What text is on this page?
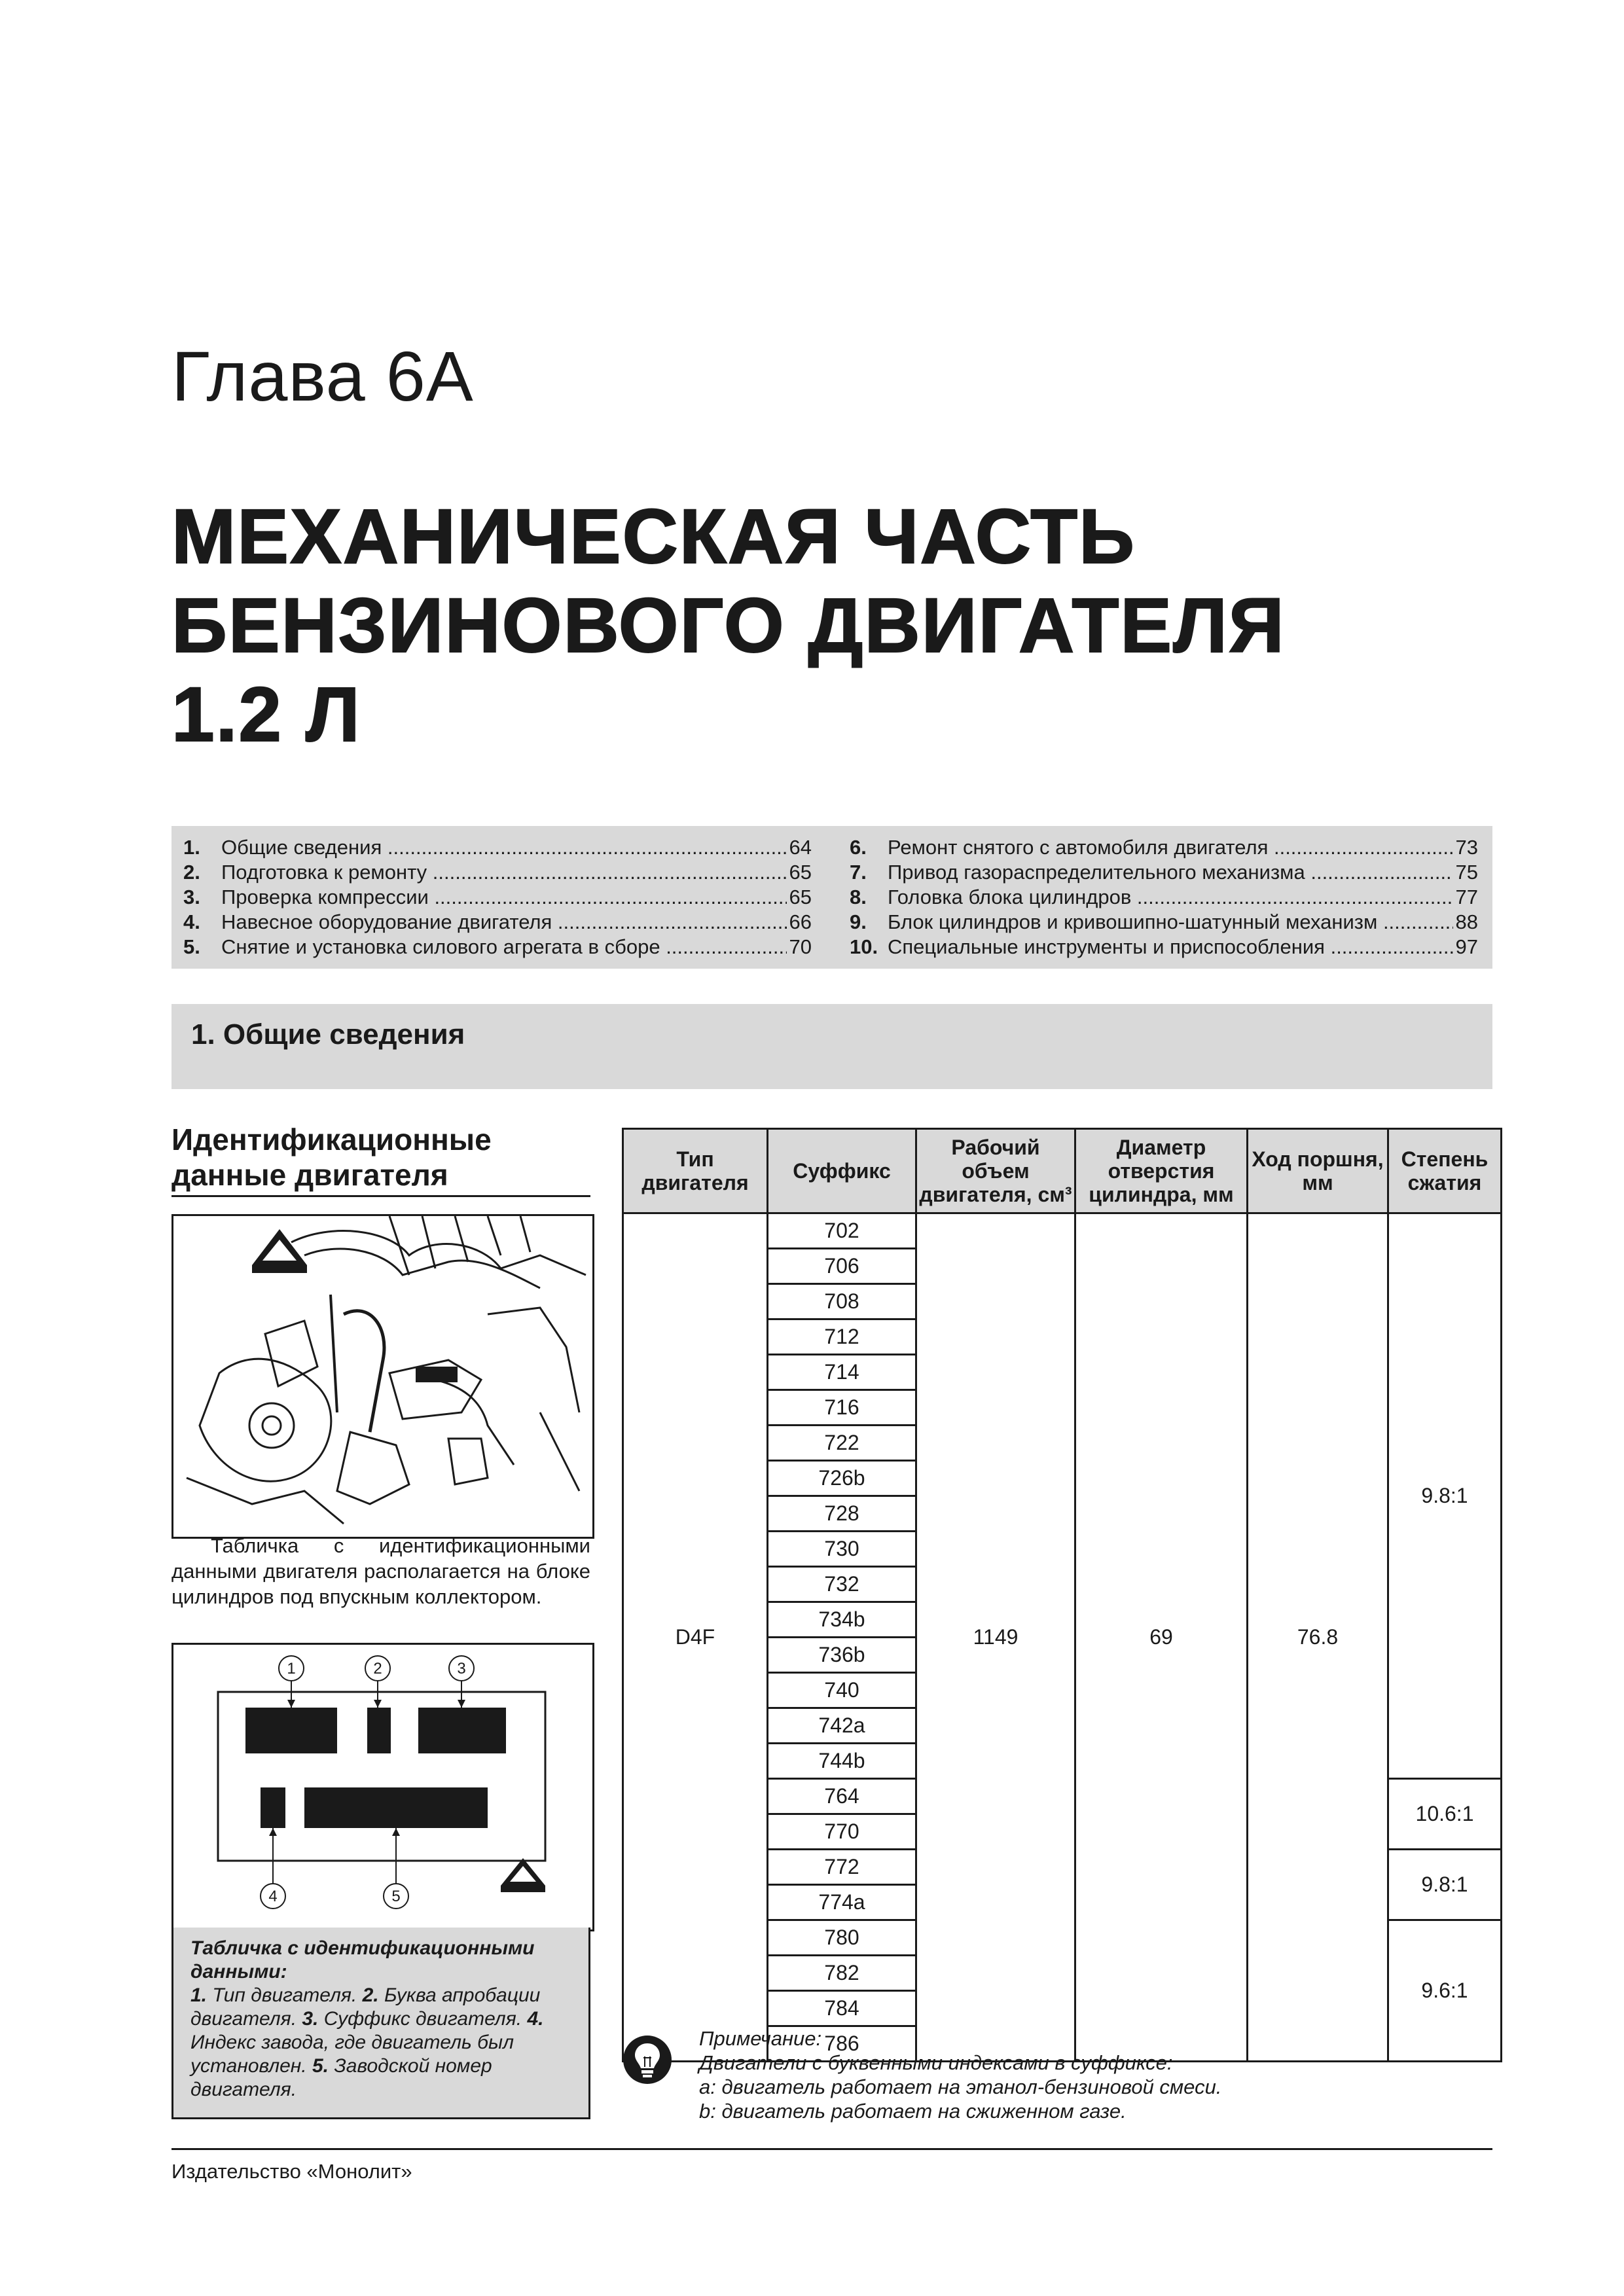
Глава 6А
МЕХАНИЧЕСКАЯ ЧАСТЬ
БЕНЗИНОВОГО ДВИГАТЕЛЯ
1.2 Л
1.	Общие сведения .....	64
2.	Подготовка к ремонту .....	65
3.	Проверка компрессии .....	65
4.	Навесное оборудование двигателя .....	66
5.	Снятие и установка силового агрегата в сборе .....	70
6.	Ремонт снятого с автомобиля двигателя .....	73
7.	Привод газораспределительного механизма .....	75
8.	Головка блока цилиндров .....	77
9.	Блок цилиндров и кривошипно-шатунный механизм .....	88
10. Специальные инструменты и приспособления .....	97
1. Общие сведения
Идентификационные
данные двигателя
Табличка с идентификационными данными двигателя располагается на блоке цилиндров под впускным коллектором.
1	2	3
4	5
Табличка с идентификационными данными:
1. Тип двигателя. 2. Буква апробации двигателя. 3. Суффикс двигателя. 4. Индекс завода, где двигатель был установлен. 5. Заводской номер двигателя.
Тип двигателя	Суффикс	Рабочий объем двигателя, см³	Диаметр отверстия цилиндра, мм	Ход поршня, мм	Степень сжатия
D4F	702	1149	69	76.8	9.8:1
	706				
	708				
	712				
	714				
	716				
	722				
	726b				
	728				
	730				
	732				
	734b				
	736b				
	740				
	742a				
	744b				
	764				10.6:1
	770				
	772				9.8:1
	774a				
	780				9.6:1
	782				
	784				
	786				
Примечание:
Двигатели с буквенными индексами в суффиксе:
a: двигатель работает на этанол-бензиновой смеси.
b: двигатель работает на сжиженном газе.
Издательство «Монолит»
